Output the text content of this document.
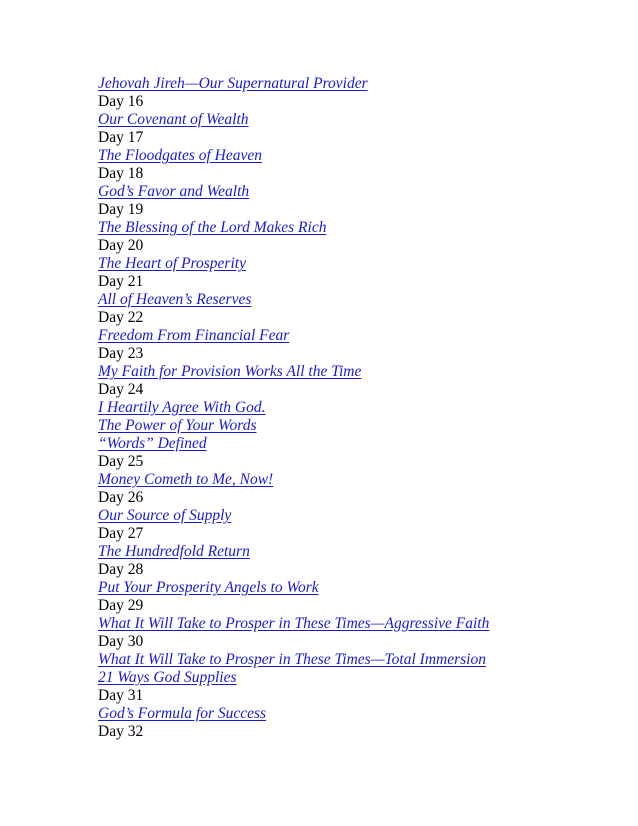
Jehovah Jireh—Our Supernatural Provider
Day 16
Our Covenant of Wealth
Day 17
The Floodgates of Heaven
Day 18
God’s Favor and Wealth
Day 19
The Blessing of the Lord Makes Rich
Day 20
The Heart of Prosperity
Day 21
All of Heaven’s Reserves
Day 22
Freedom From Financial Fear
Day 23
My Faith for Provision Works All the Time
Day 24
I Heartily Agree With God.
The Power of Your Words
“Words” Defined
Day 25
Money Cometh to Me, Now!
Day 26
Our Source of Supply
Day 27
The Hundredfold Return
Day 28
Put Your Prosperity Angels to Work
Day 29
What It Will Take to Prosper in These Times—Aggressive Faith
Day 30
What It Will Take to Prosper in These Times—Total Immersion
21 Ways God Supplies
Day 31
God’s Formula for Success
Day 32
